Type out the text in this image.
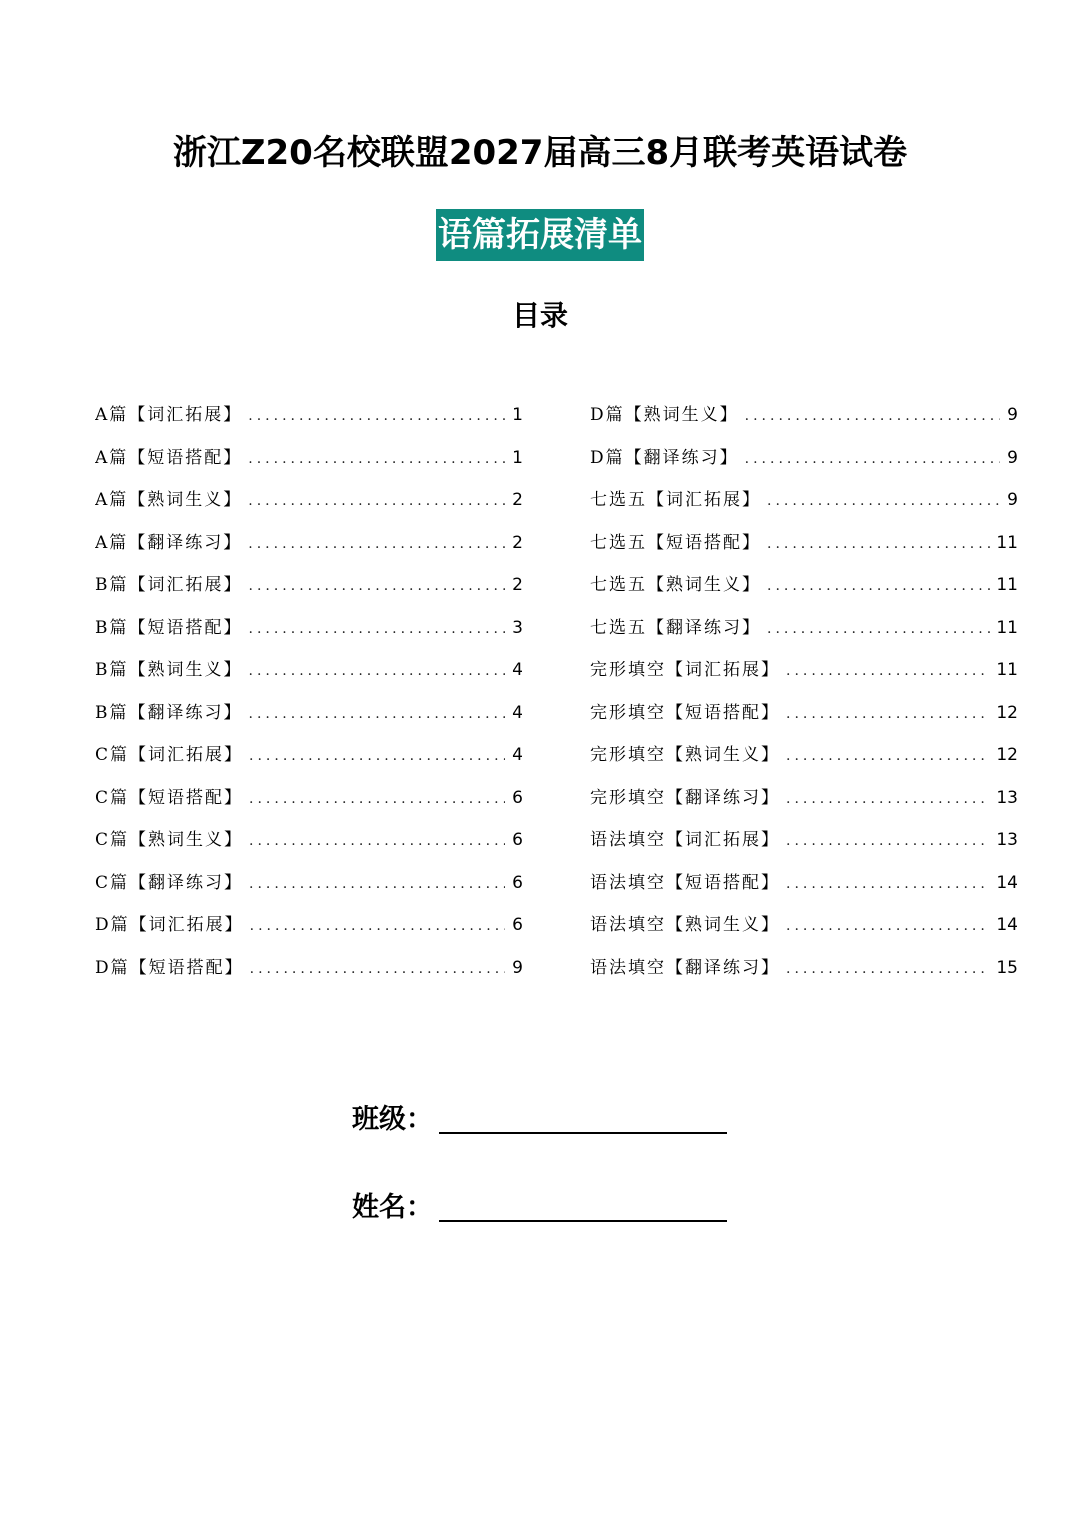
浙江Z20名校联盟2027届高三8月联考英语试卷
语篇拓展清单
目录
A篇【词汇拓展】 .....	1
A篇【短语搭配】 .....	1
A篇【熟词生义】 .....	2
A篇【翻译练习】 .....	2
B篇【词汇拓展】 .....	2
B篇【短语搭配】 .....	3
B篇【熟词生义】 .....	4
B篇【翻译练习】 .....	4
C篇【词汇拓展】 .....	4
C篇【短语搭配】 .....	6
C篇【熟词生义】 .....	6
C篇【翻译练习】 .....	6
D篇【词汇拓展】 .....	6
D篇【短语搭配】 .....	9
D篇【熟词生义】 .....	9
D篇【翻译练习】 .....	9
七选五【词汇拓展】 .....	9
七选五【短语搭配】 .....	11
七选五【熟词生义】 .....	11
七选五【翻译练习】 .....	11
完形填空【词汇拓展】 .....	11
完形填空【短语搭配】 .....	12
完形填空【熟词生义】 .....	12
完形填空【翻译练习】 .....	13
语法填空【词汇拓展】 .....	13
语法填空【短语搭配】 .....	14
语法填空【熟词生义】 .....	14
语法填空【翻译练习】 .....	15
班级：
姓名：
